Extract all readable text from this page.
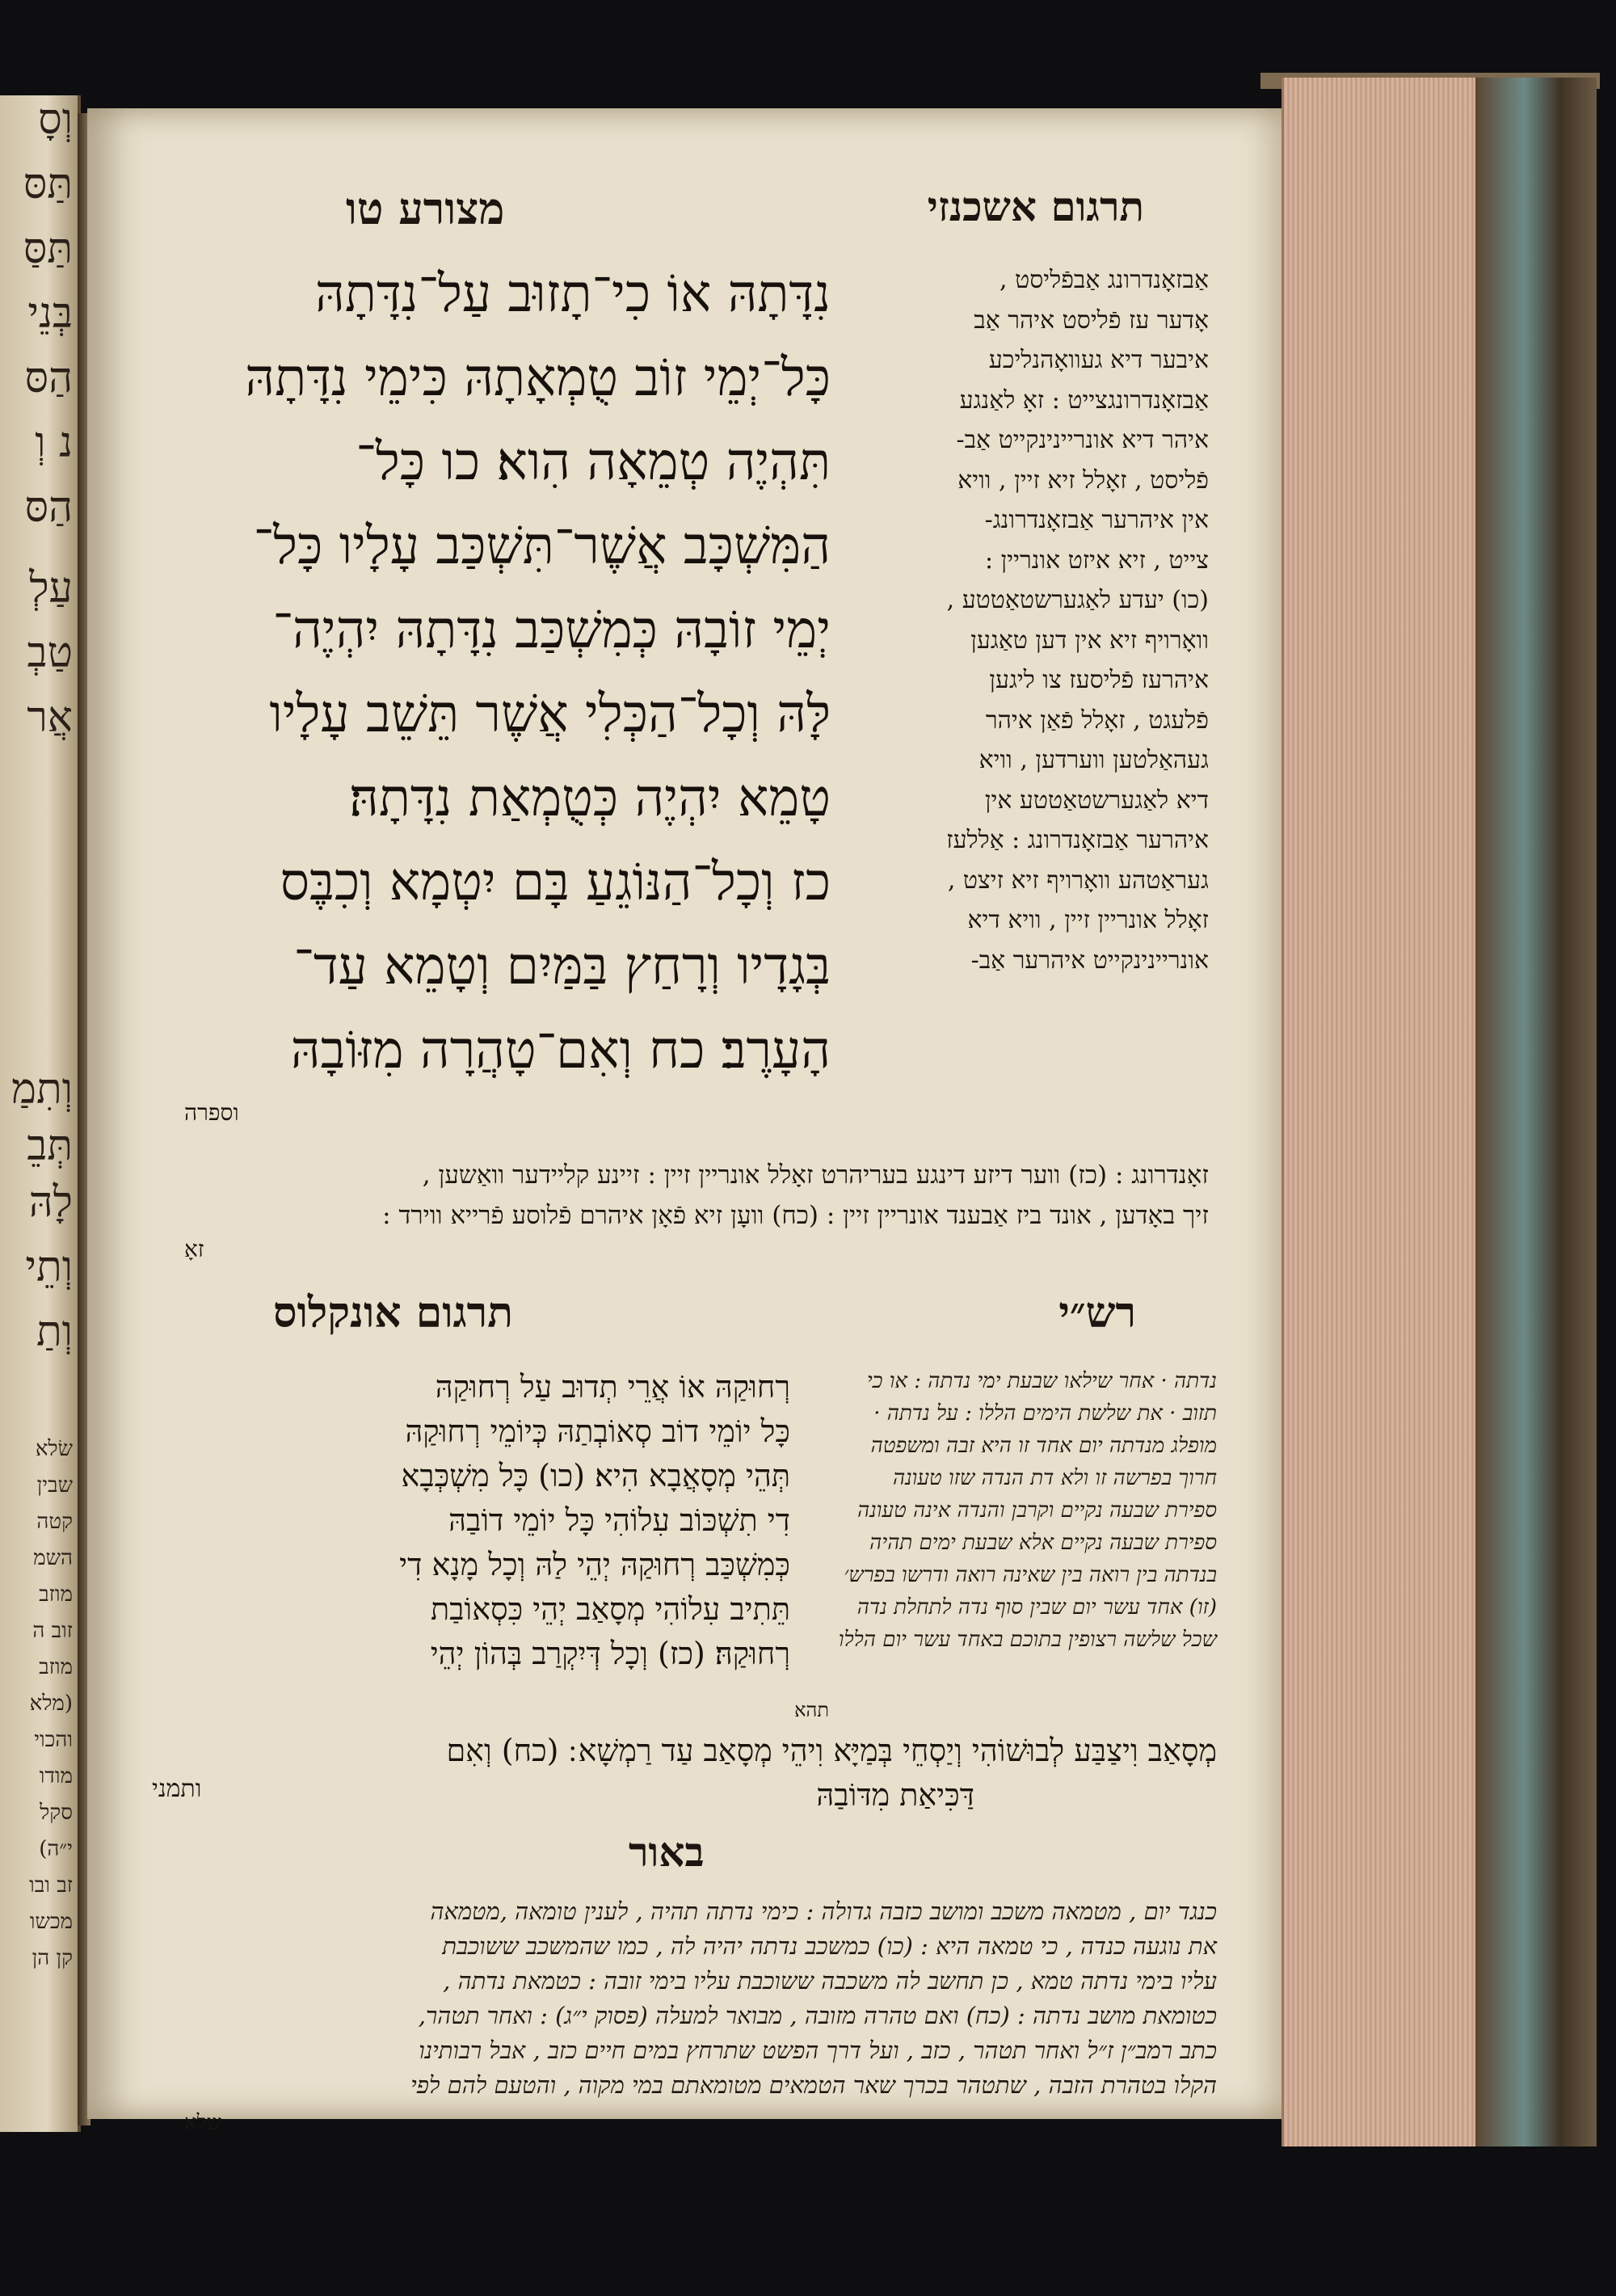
וְסָ
תַּסּ
תַּסַּ
בְּנֵי
הַסּ
נ וְ
הַסּ
עַלְ
טַבְ
אֲר
וְתִמַ
תְּבֵ
לָהּ
וְתֵי
וְתַ
שׂלא
שבין
קטה
השמ
מוזב
זוב ה
מוזב
(מלא
והכוי
מודו
סקל
י״ה)
זב ובו
מכשו
קן הן
תרגום אשכנזי
מצורע טו
אַבזאָנדרונג אַבפֿליסט ,
אָדער עז פֿליסט איהר אַב
איבער דיא געוואָהנליכע
אַבזאָנדרונגצייט : זאָ לאַנגע
איהר דיא אונריינינקייט אַב-
פֿליסט , זאָלל זיא זיין , וויא
אין איהרער אַבזאָנדרונג-
צייט , זיא איזט אונריין :
(כו) יעדע לאַגערשטאַטטע ,
וואָרויף זיא אין דען טאַגען
איהרעז פֿליסעז צו ליגען
פֿלעגט , זאָלל פֿאַן איהר
געהאַלטען ווערדען , וויא
דיא לאַגערשטאַטטע אין
איהרער אַבזאָנדרונג : אַללעז
געראַטהע וואָרויף זיא זיצט ,
זאָלל אונריין זיין , וויא דיא
אונריינינקייט איהרער אַב-
נִדָּתָהּ אוֹ כִי־תָזוּב עַל־נִדָּתָהּ
כָּל־יְמֵי זוֹב טֻמְאָתָהּ כִּימֵי נִדָּתָהּ
תִּהְיֶה טְמֵאָה הִוא׃ כו כָּל־
הַמִּשְׁכָּב אֲשֶׁר־תִּשְׁכַּב עָלָיו כָּל־
יְמֵי זוֹבָהּ כְּמִשְׁכַּב נִדָּתָהּ יִהְיֶה־
לָּהּ וְכָל־הַכְּלִי אֲשֶׁר תֵּשֵׁב עָלָיו
טָמֵא יִהְיֶה כְּטֻמְאַת נִדָּתָהּ׃
כז וְכָל־הַנּוֹגֵעַ בָּם יִטְמָא וְכִבֶּס
בְּגָדָיו וְרָחַץ בַּמַּיִם וְטָמֵא עַד־
הָעָרֶב׃ כח וְאִם־טָהֲרָה מִזּוֹבָהּ
וספרה
זאָנדרונג : (כז) ווער דיזע דינגע בעריהרט זאָלל אונריין זיין : זיינע קליידער וואַשען ,
זיך באָדען , אונד ביז אַבענד אונריין זיין : (כח) וועָן זיא פֿאָן איהרם פֿלוסע פֿרייא ווירד :
זאָ
רש״י
תרגום אונקלוס
נדתה · אחר שילאו שבעת ימי נדתה : או כי
תזוב · את שלשת הימים הללו : על נדתה ·
מופלג מנדתה יום אחד זו היא זבה ומשפטה
חרוך בפרשה זו ולא דת הנדה שזו טעונה
ספירת שבעה נקיים וקרבן והנדה אינה טעונה
ספירת שבעה נקיים אלא שבעת ימים תהיה
בנדתה בין רואה בין שאינה רואה ודרשו בפרש׳
(זו) אחד עשר יום שבין סוף נדה לתחלת נדה
שכל שלשה רצופין בתוכם באחד עשר יום הללו
תהא
רְחוּקַהּ אוֹ אֲרֵי תְדוּב עַל רְחוּקַהּ
כָּל יוֹמֵי דוֹב סְאוֹבְתַהּ כְּיוֹמֵי רְחוּקַהּ
תְּהֵי מְסָאֲבָא הִיא׃ (כו) כָּל מִשְׁכְּבָא
דִי תִשְׁכּוֹב עִלוֹהִי כָּל יוֹמֵי דוֹבַהּ
כְּמִשְׁכַּב רְחוּקַהּ יְהֵי לַהּ וְכָל מָנָא דִי
תֵּתִיב עִלוֹהִי מְסָאַב יְהֵי כִּסְאוֹבַת
רְחוּקַהּ׃ (כז) וְכָל דְּיִקְרַב בְּהוֹן יְהֵי
מְסָאַב וִיצַבַּע לְבוּשׁוֹהִי וְיַסְחֵי בְּמַיָּא וִיהֵי מְסָאַב עַד רַמְשָׁא ׃ (כח) וְאִם
דַּכִּיאַת מִדּוֹבַהּ
ותמני
באור
כנגד יום , מטמאה משכב ומושב כזבה גדולה : כימי נדתה תהיה , לענין טומאה ,מטמאה
את נוגעה כנדה , כי טמאה היא : (כו) כמשכב נדתה יהיה לה , כמו שהמשכב ששוכבת
עליו בימי נדתה טמא , כן תחשב לה משכבה ששוכבת עליו בימי זובה : כטמאת נדתה ,
כטומאת מושב נדתה : (כח) ואם טהרה מזובה , מבואר למעלה (פסוק י״ג) : ואחר תטהר,
כתב רמב״ן ז״ל ואחר תטהר , כזב , ועל דרך הפשט שתרחץ במים חיים כזב , אבל רבותינו
הקלו בטהרת הזבה , שתטהר בכרך שאר הטמאים מטומאתם במי מקוה , והטעם להם לפי
שלא
